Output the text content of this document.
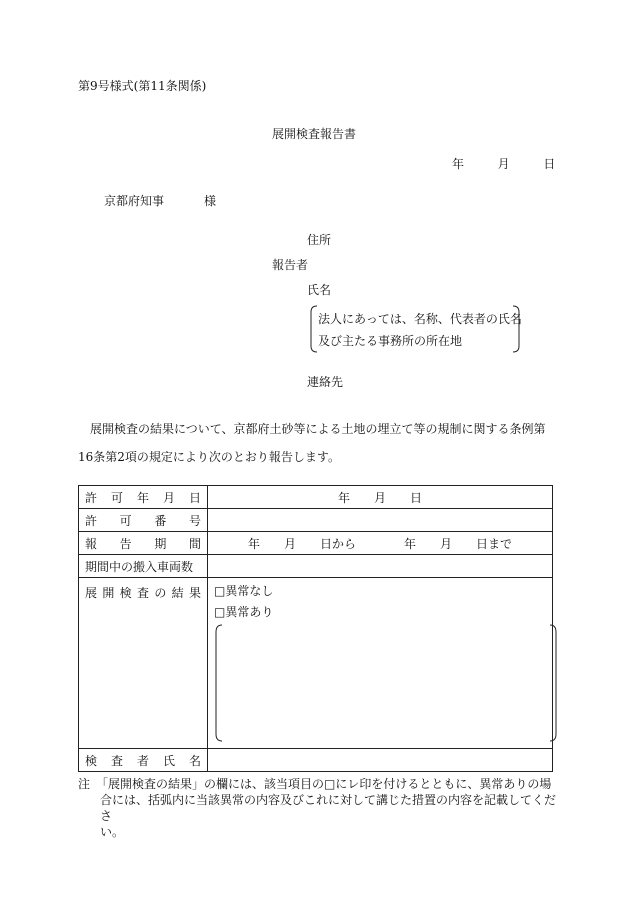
第9号様式(第11条関係)
展開検査報告書
年	月	日
京都府知事	様
住所
報告者
氏名
法人にあっては、名称、代表者の氏名
及び主たる事務所の所在地
連絡先
展開検査の結果について、京都府土砂等による土地の埋立て等の規制に関する条例第16条第2項の規定により次のとおり報告します。
許可年月日	年　　月　　日
許可番号	
報告期間	年　　月　　日から　　　　年　　月　　日まで
期間中の搬入車両数	
展開検査の結果	□異常なし
□異常あり

検査者氏名	
注　 「展開検査の結果」の欄には、該当項目の□にレ印を付けるとともに、異常ありの場
合には、括弧内に当該異常の内容及びこれに対して講じた措置の内容を記載してくださ
い。
